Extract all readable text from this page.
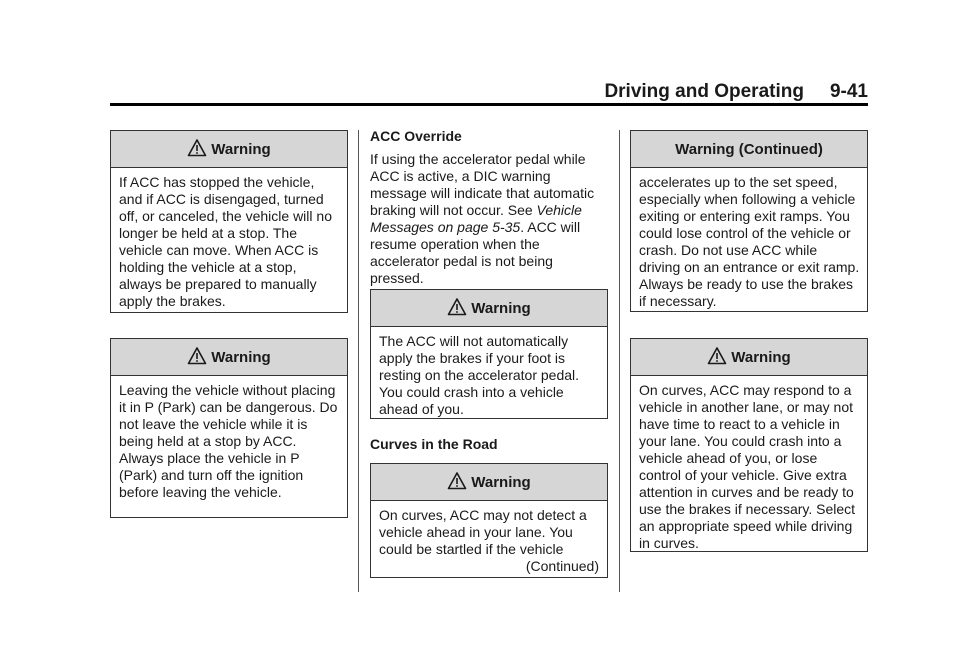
Driving and Operating 9-41
Warning
If ACC has stopped the vehicle, and if ACC is disengaged, turned off, or canceled, the vehicle will no longer be held at a stop. The vehicle can move. When ACC is holding the vehicle at a stop, always be prepared to manually apply the brakes.
Warning
Leaving the vehicle without placing it in P (Park) can be dangerous. Do not leave the vehicle while it is being held at a stop by ACC. Always place the vehicle in P (Park) and turn off the ignition before leaving the vehicle.
ACC Override
If using the accelerator pedal while ACC is active, a DIC warning message will indicate that automatic braking will not occur. See Vehicle Messages on page 5-35. ACC will resume operation when the accelerator pedal is not being pressed.
Warning
The ACC will not automatically apply the brakes if your foot is resting on the accelerator pedal. You could crash into a vehicle ahead of you.
Curves in the Road
Warning
On curves, ACC may not detect a vehicle ahead in your lane. You could be startled if the vehicle
(Continued)
Warning (Continued)
accelerates up to the set speed, especially when following a vehicle exiting or entering exit ramps. You could lose control of the vehicle or crash. Do not use ACC while driving on an entrance or exit ramp. Always be ready to use the brakes if necessary.
Warning
On curves, ACC may respond to a vehicle in another lane, or may not have time to react to a vehicle in your lane. You could crash into a vehicle ahead of you, or lose control of your vehicle. Give extra attention in curves and be ready to use the brakes if necessary. Select an appropriate speed while driving in curves.
